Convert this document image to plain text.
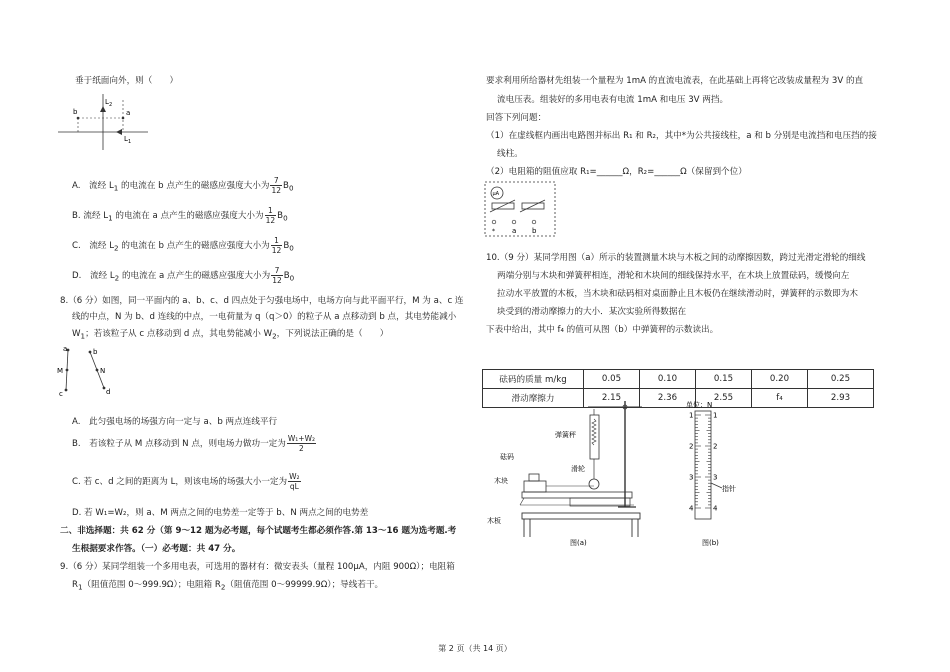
垂于纸面向外，则（　　）
b	a
L 2
L 1
A.　流经 $L_1$ 的电流在 b 点产生的磁感应强度大小为 $\frac{7}{12} B_0$
B. 流经 $L_1$ 的电流在 a 点产生的磁感应强度大小为 $\frac{1}{12} B_0$
C.　流经 $L_2$ 的电流在 b 点产生的磁感应强度大小为 $\frac{1}{12} B_0$
D.　流经 $L_2$ 的电流在 a 点产生的磁感应强度大小为 $\frac{7}{12} B_0$
8.（6 分）如图，同一平面内的 a、b、c、d 四点处于匀强电场中，电场方向与此平面平行，M 为 a、c 连
线的中点，N 为 b、d 连线的中点，一电荷量为 q（q＞0）的粒子从 a 点移动到 b 点，其电势能减小
$W_1$；若该粒子从 c 点移动到 d 点，其电势能减小 $W_2$，下列说法正确的是（　　）
a	b
M	N
c	d
A.　此匀强电场的场强方向一定与 a、b 两点连线平行
B.　若该粒子从 M 点移动到 N 点，则电场力做功一定为 $\frac{\text{W₁+W₂}}{2}$
C. 若 c、d 之间的距离为 L，则该电场的场强大小一定为 $\frac{\text{W₂}}{qL}$
D. 若 W₁=W₂，则 a、M 两点之间的电势差一定等于 b、N 两点之间的电势差
二、非选择题：共 62 分（第 9～12 题为必考题，每个试题考生都必须作答.第 13～16 题为选考题.考
生根据要求作答。（一）必考题：共 47 分。
9.（6 分）某同学组装一个多用电表，可选用的器材有：微安表头（量程 100μA，内阻 900Ω）；电阻箱
$R_1$（阻值范围 0～999.9Ω）；电阻箱 $R_2$（阻值范围 0～99999.9Ω）；导线若干。
要求利用所给器材先组装一个量程为 1mA 的直流电流表，在此基础上再将它改装成量程为 3V 的直
流电压表。组装好的多用电表有电流 1mA 和电压 3V 两挡。
回答下列问题：
（1）在虚线框内画出电路图并标出 R₁ 和 R₂，其中*为公共接线柱，a 和 b 分别是电流挡和电压挡的接
线柱。
（2）电阻箱的阻值应取 R₁=______Ω，R₂=______Ω（保留到个位）
μA
* a b
10.（9 分）某同学用图（a）所示的装置测量木块与木板之间的动摩擦因数，跨过光滑定滑轮的细线
两端分别与木块和弹簧秤相连，滑轮和木块间的细线保持水平，在木块上放置砝码，缓慢向左
拉动水平放置的木板，当木块和砝码相对桌面静止且木板仍在继续滑动时，弹簧秤的示数即为木
块受到的滑动摩擦力的大小．某次实验所得数据在
下表中给出，其中 f₄ 的值可从图（b）中弹簧秤的示数读出。
砝码的质量 m/kg	0.05	0.10	0.15	0.20	0.25
滑动摩擦力	2.15	2.36	2.55	f₄	2.93
弹簧秤
砝码
滑轮
木块
木板
图(a)
单位：N
1	1
2	2
3	3
4	4
指针
图(b)
第 2 页（共 14 页）
